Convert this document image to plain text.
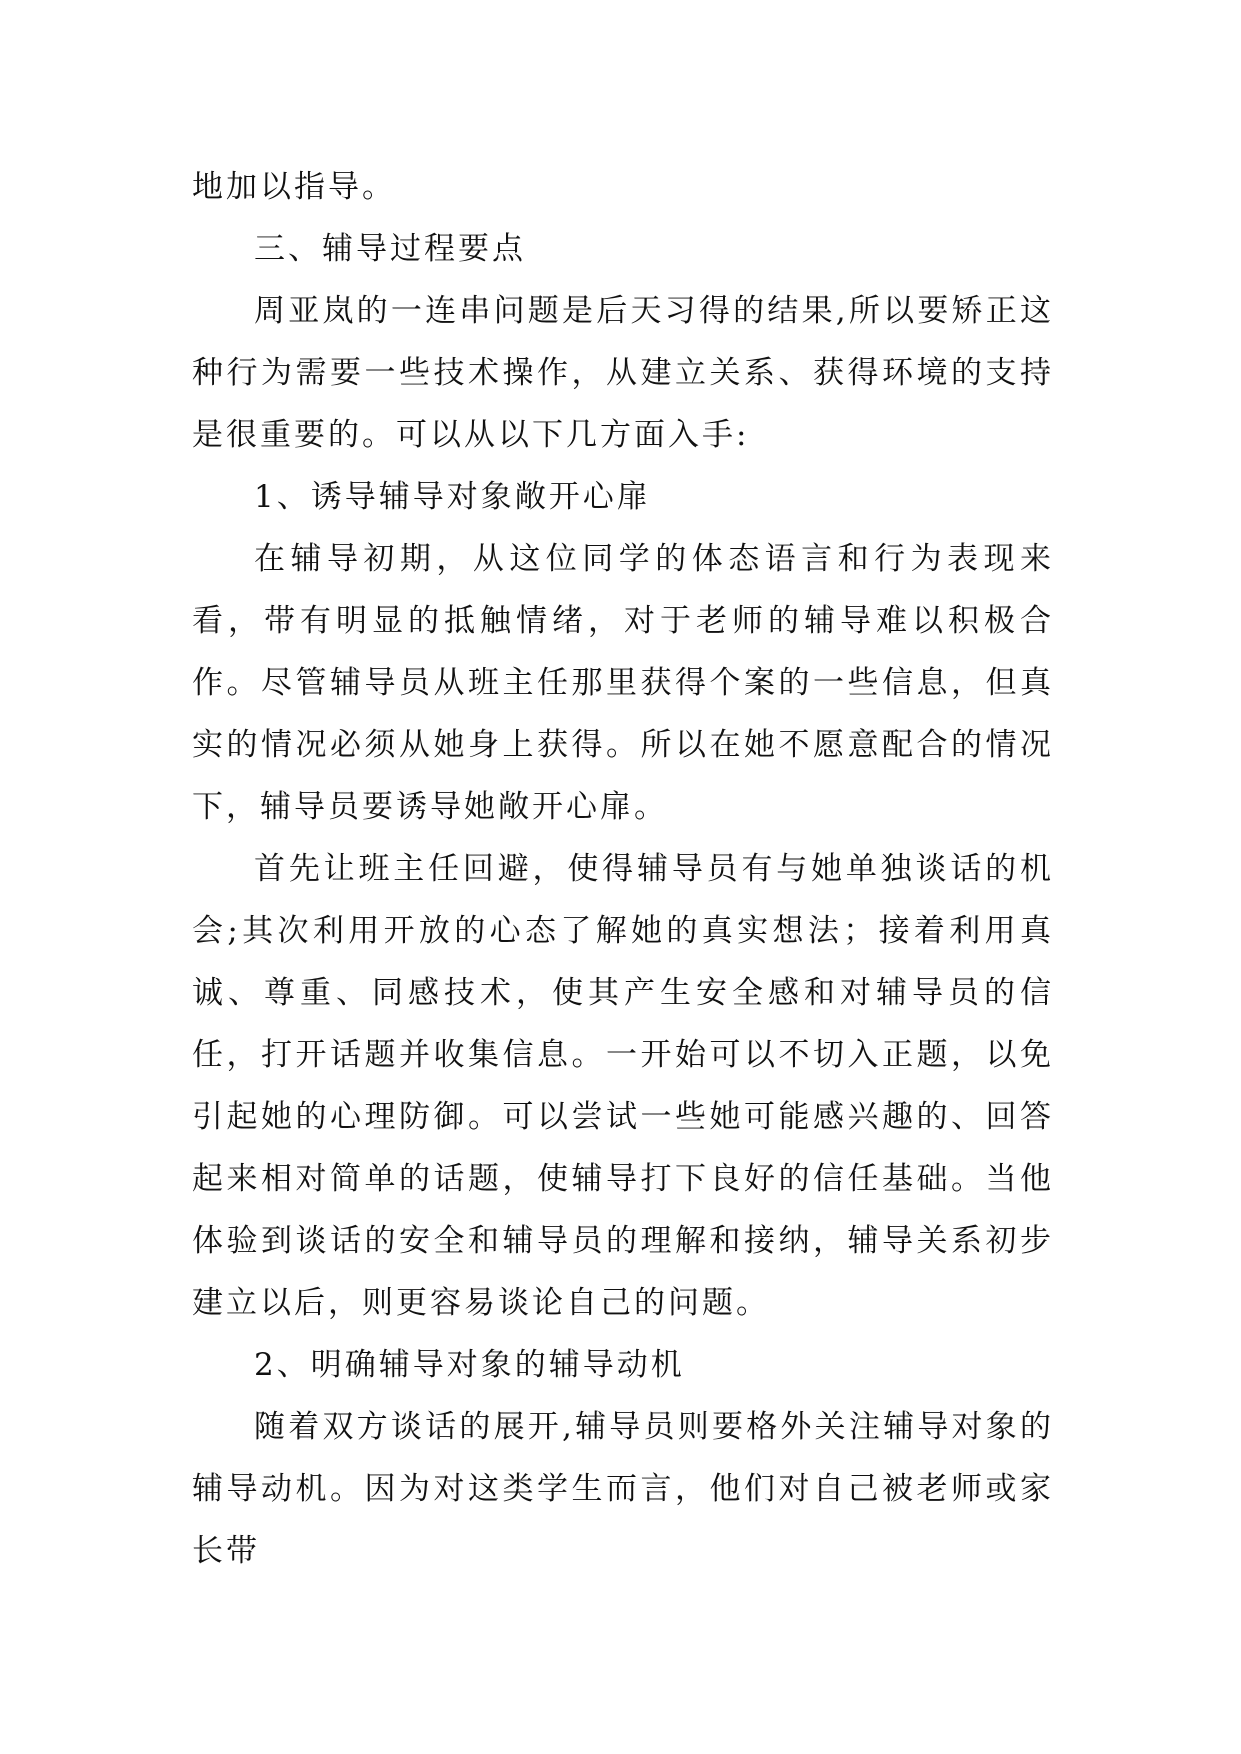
地加以指导。

三、辅导过程要点

周亚岚的一连串问题是后天习得的结果,所以要矫正这种行为需要一些技术操作，从建立关系、获得环境的支持是很重要的。可以从以下几方面入手:

1、诱导辅导对象敞开心扉

在辅导初期，从这位同学的体态语言和行为表现来看，带有明显的抵触情绪，对于老师的辅导难以积极合作。尽管辅导员从班主任那里获得个案的一些信息，但真实的情况必须从她身上获得。所以在她不愿意配合的情况下，辅导员要诱导她敞开心扉。

首先让班主任回避，使得辅导员有与她单独谈话的机会;其次利用开放的心态了解她的真实想法；接着利用真诚、尊重、同感技术，使其产生安全感和对辅导员的信任，打开话题并收集信息。一开始可以不切入正题，以免引起她的心理防御。可以尝试一些她可能感兴趣的、回答起来相对简单的话题，使辅导打下良好的信任基础。当他体验到谈话的安全和辅导员的理解和接纳，辅导关系初步建立以后，则更容易谈论自己的问题。

2、明确辅导对象的辅导动机

随着双方谈话的展开,辅导员则要格外关注辅导对象的辅导动机。因为对这类学生而言，他们对自己被老师或家长带
